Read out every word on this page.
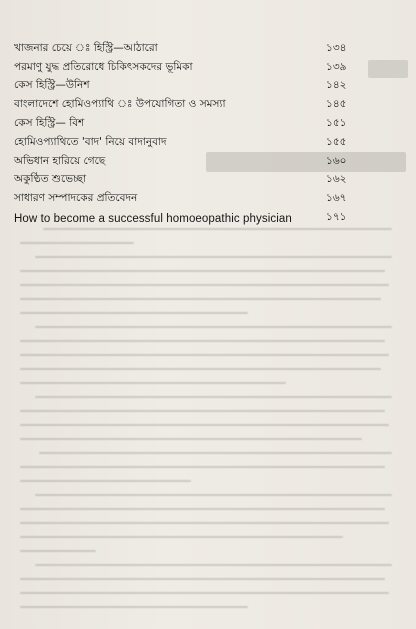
খাজনার চেয়ে ঃ হিস্ট্রি—আঠারো	১৩৪
পরমাণু যুদ্ধ প্রতিরোধে চিকিৎসকদের ভূমিকা	১৩৯
কেস হিস্ট্রি—উনিশ	১৪২
বাংলাদেশে হোমিওপ্যাথি ঃ উপযোগিতা ও সমস্যা	১৪৫
কেস হিস্ট্রি— বিশ	১৫১
হোমিওপ্যাথিতে 'বাদ' নিয়ে বাদানুবাদ	১৫৫
অভিধান হারিয়ে গেছে	১৬০
অকুণ্ঠিত শুভেচ্ছা	১৬২
সাধারণ সম্পাদকের প্রতিবেদন	১৬৭
How to become a successful homoeopathic physician	১৭১
